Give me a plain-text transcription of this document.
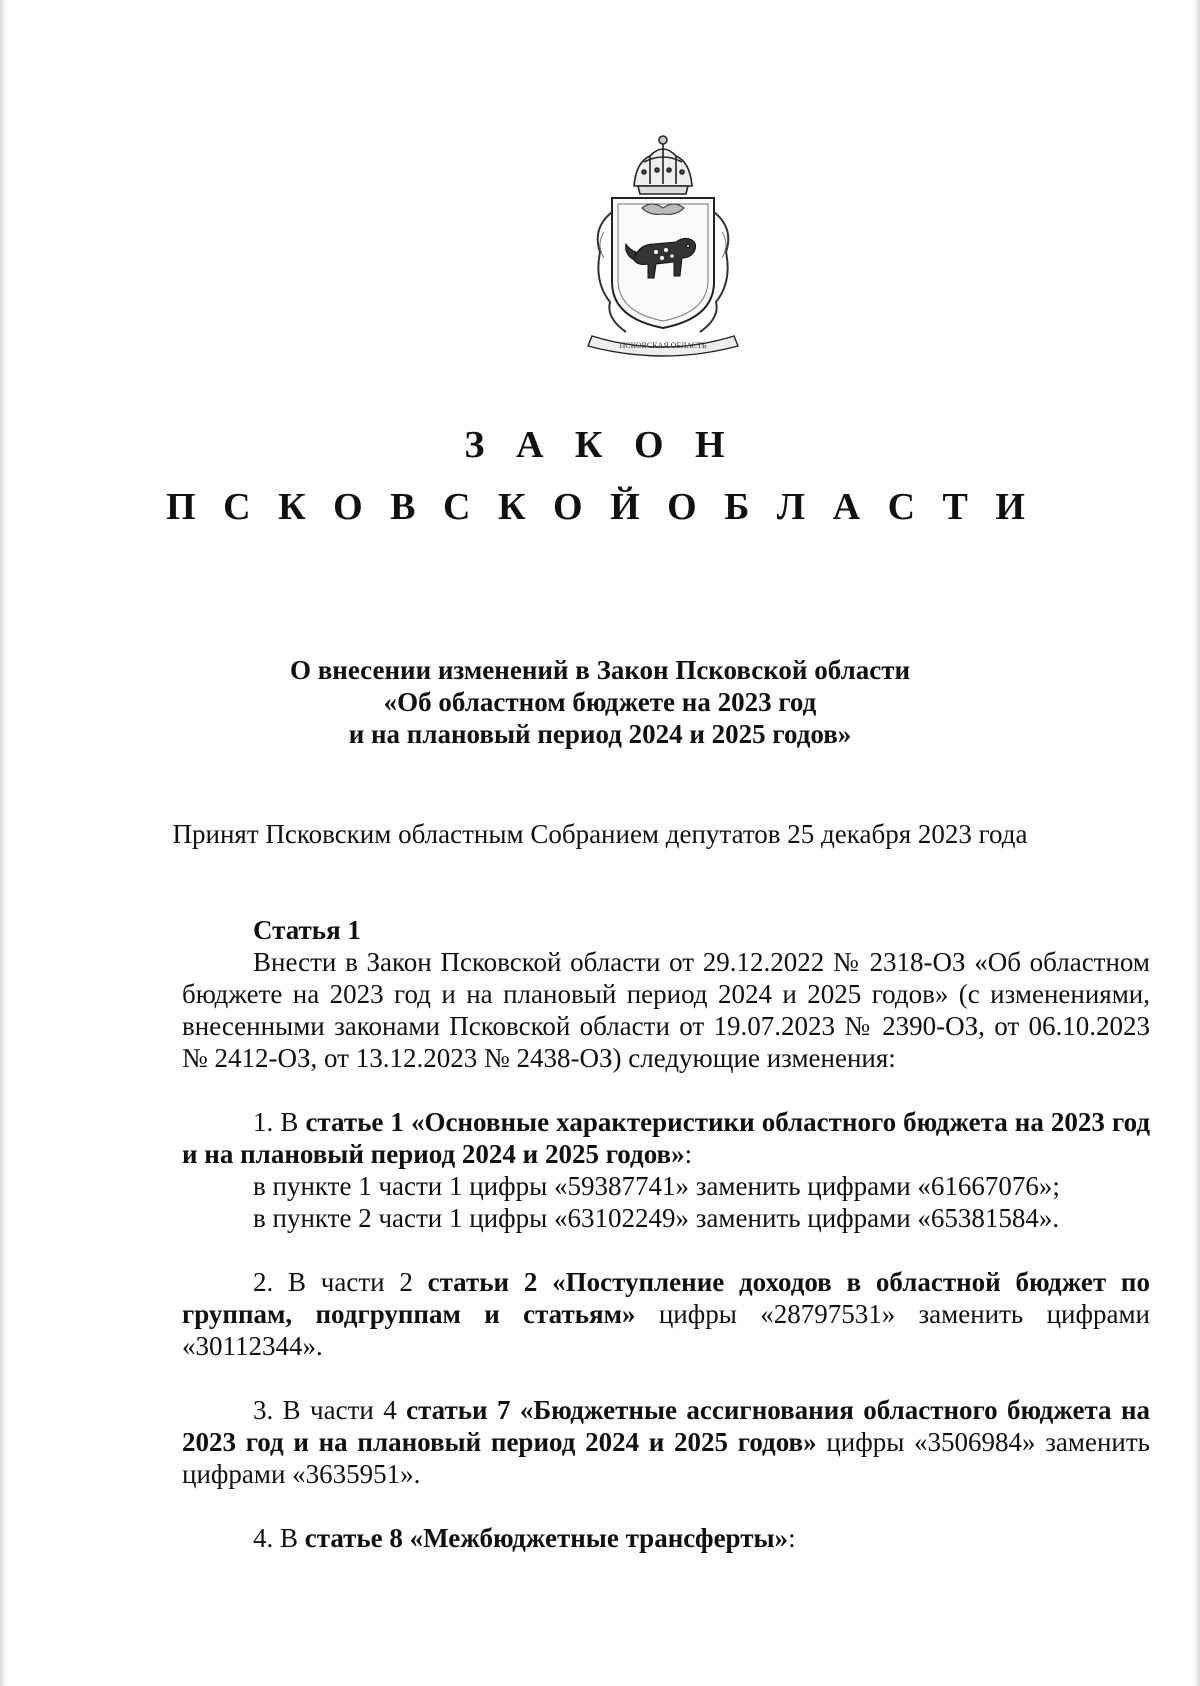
ПСКОВСКАЯ ОБЛАСТЬ
З А К О Н
П С К О В С К О Й О Б Л А С Т И
О внесении изменений в Закон Псковской области
«Об областном бюджете на 2023 год
и на плановый период 2024 и 2025 годов»
Принят Псковским областным Собранием депутатов 25 декабря 2023 года
Статья 1

Внести в Закон Псковской области от 29.12.2022 № 2318-ОЗ «Об областном бюджете на 2023 год и на плановый период 2024 и 2025 годов» (с изменениями, внесенными законами Псковской области от 19.07.2023 № 2390-ОЗ, от 06.10.2023 № 2412-ОЗ, от 13.12.2023 № 2438-ОЗ) следующие изменения:

1. В статье 1 «Основные характеристики областного бюджета на 2023 год и на плановый период 2024 и 2025 годов»:

в пункте 1 части 1 цифры «59387741» заменить цифрами «61667076»;
в пункте 2 части 1 цифры «63102249» заменить цифрами «65381584».

2. В части 2 статьи 2 «Поступление доходов в областной бюджет по группам, подгруппам и статьям» цифры «28797531» заменить цифрами «30112344».

3. В части 4 статьи 7 «Бюджетные ассигнования областного бюджета на 2023 год и на плановый период 2024 и 2025 годов» цифры «3506984» заменить цифрами «3635951».

4. В статье 8 «Межбюджетные трансферты»:
